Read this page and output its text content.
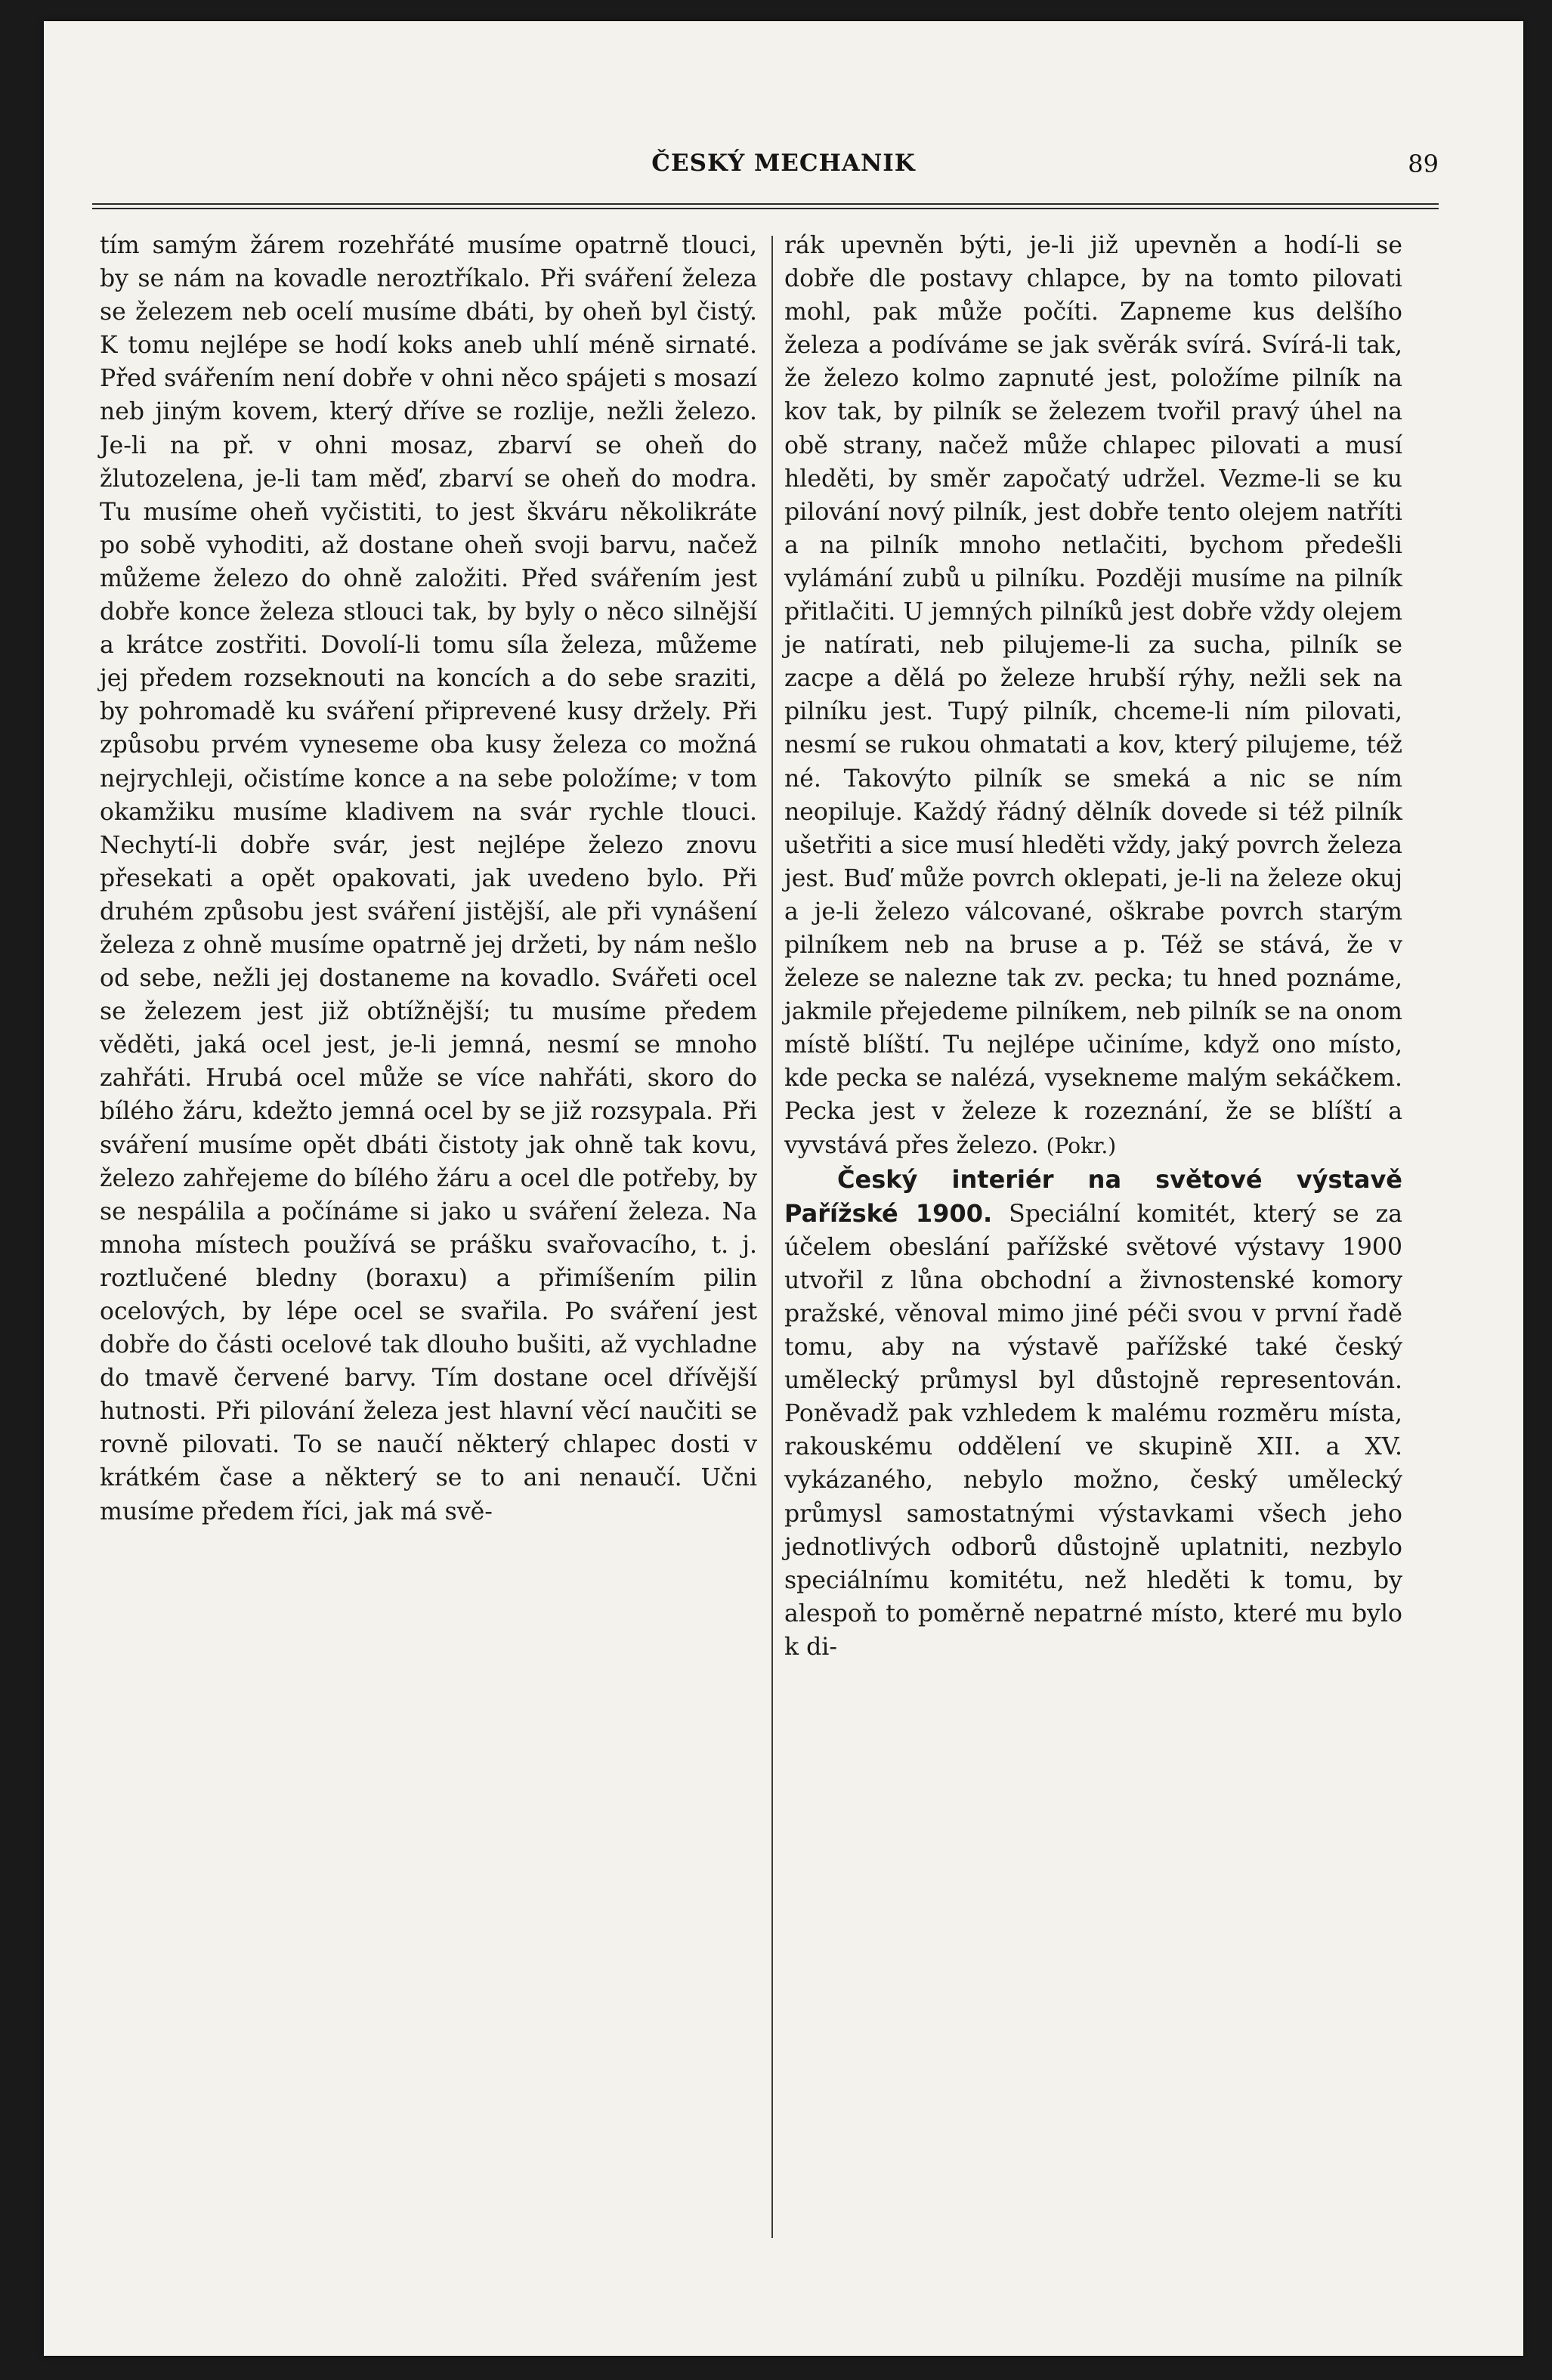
ČESKÝ MECHANIK	89

tím samým žárem rozehřáté musíme opatrně tlouci, by se nám na kovadle neroztříkalo. Při sváření železa se železem neb ocelí musíme dbáti, by oheň byl čistý. K tomu nejlépe se hodí koks aneb uhlí méně sirnaté. Před svářením není dobře v ohni něco spájeti s mosazí neb jiným kovem, který dříve se rozlije, nežli železo. Je-li na př. v ohni mosaz, zbarví se oheň do žlutozelena, je-li tam měď, zbarví se oheň do modra. Tu musíme oheň vyčistiti, to jest škváru několikráte po sobě vyhoditi, až dostane oheň svoji barvu, načež můžeme železo do ohně založiti. Před svářením jest dobře konce železa stlouci tak, by byly o něco silnější a krátce zostřiti. Dovolí-li tomu síla železa, můžeme jej předem rozseknouti na koncích a do sebe sraziti, by pohromadě ku sváření připrevené kusy držely. Při způsobu prvém vyneseme oba kusy železa co možná nejrychleji, očistíme konce a na sebe položíme; v tom okamžiku musíme kladivem na svár rychle tlouci. Nechytí-li dobře svár, jest nejlépe železo znovu přesekati a opět opakovati, jak uvedeno bylo. Při druhém způsobu jest sváření jistější, ale při vynášení železa z ohně musíme opatrně jej držeti, by nám nešlo od sebe, nežli jej dostaneme na kovadlo. Svářeti ocel se železem jest již obtížnější; tu musíme předem věděti, jaká ocel jest, je-li jemná, nesmí se mnoho zahřáti. Hrubá ocel může se více nahřáti, skoro do bílého žáru, kdežto jemná ocel by se již rozsypala. Při sváření musíme opět dbáti čistoty jak ohně tak kovu, železo zahřejeme do bílého žáru a ocel dle potřeby, by se nespálila a počínáme si jako u sváření železa. Na mnoha místech používá se prášku svařovacího, t. j. roztlučené bledny (boraxu) a přimíšením pilin ocelových, by lépe ocel se svařila. Po sváření jest dobře do části ocelové tak dlouho bušiti, až vychladne do tmavě červené barvy. Tím dostane ocel dřívější hutnosti. Při pilování železa jest hlavní věcí naučiti se rovně pilovati. To se naučí některý chlapec dosti v krátkém čase a některý se to ani nenaučí. Učni musíme předem říci, jak má svě-

rák upevněn býti, je-li již upevněn a hodí-li se dobře dle postavy chlapce, by na tomto pilovati mohl, pak může počíti. Zapneme kus delšího železa a podíváme se jak svěrák svírá. Svírá-li tak, že železo kolmo zapnuté jest, položíme pilník na kov tak, by pilník se železem tvořil pravý úhel na obě strany, načež může chlapec pilovati a musí hleděti, by směr započatý udržel. Vezme-li se ku pilování nový pilník, jest dobře tento olejem natříti a na pilník mnoho netlačiti, bychom předešli vylámání zubů u pilníku. Později musíme na pilník přitlačiti. U jemných pilníků jest dobře vždy olejem je natírati, neb pilujeme-li za sucha, pilník se zacpe a dělá po železe hrubší rýhy, nežli sek na pilníku jest. Tupý pilník, chceme-li ním pilovati, nesmí se rukou ohmatati a kov, který pilujeme, též né. Takovýto pilník se smeká a nic se ním neopiluje. Každý řádný dělník dovede si též pilník ušetřiti a sice musí hleděti vždy, jaký povrch železa jest. Buď může povrch oklepati, je-li na železe okuj a je-li železo válcované, oškrabe povrch starým pilníkem neb na bruse a p. Též se stává, že v železe se nalezne tak zv. pecka; tu hned poznáme, jakmile přejedeme pilníkem, neb pilník se na onom místě blíští. Tu nejlépe učiníme, když ono místo, kde pecka se nalézá, vysekneme malým sekáčkem. Pecka jest v železe k rozeznání, že se blíští a vyvstává přes železo. (Pokr.)

Český interiér na světové výstavě Pařížské 1900. Speciální komitét, který se za účelem obeslání pařížské světové výstavy 1900 utvořil z lůna obchodní a živnostenské komory pražské, věnoval mimo jiné péči svou v první řadě tomu, aby na výstavě pařížské také český umělecký průmysl byl důstojně representován. Poněvadž pak vzhledem k malému rozměru místa, rakouskému oddělení ve skupině XII. a XV. vykázaného, nebylo možno, český umělecký průmysl samostatnými výstavkami všech jeho jednotlivých odborů důstojně uplatniti, nezbylo speciálnímu komitétu, než hleděti k tomu, by alespoň to poměrně nepatrné místo, které mu bylo k di-
